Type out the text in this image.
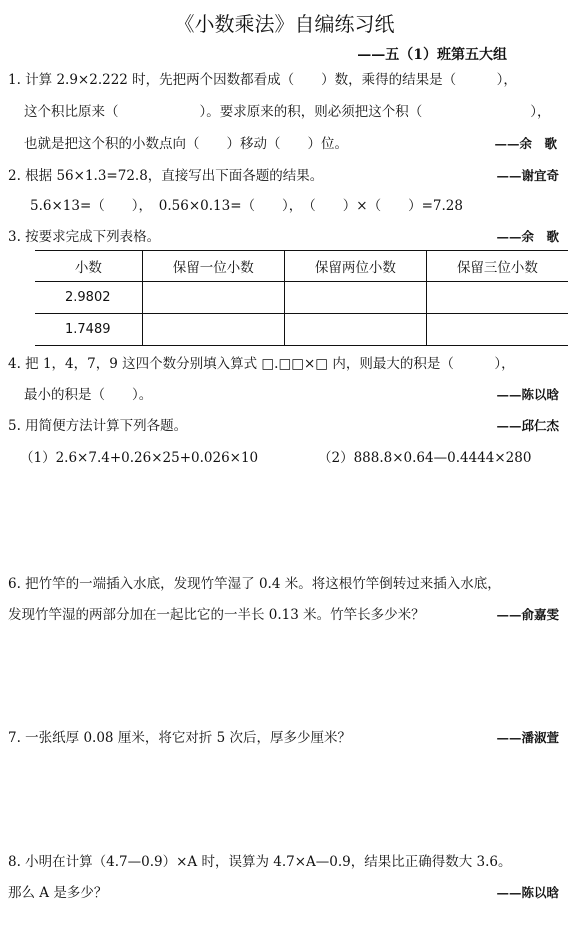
《小数乘法》自编练习纸
——五（1）班第五大组
1. 计算 2.9×2.222 时，先把两个因数都看成（　　）数，乘得的结果是（　　　），
这个积比原来（　　　　　　）。要求原来的积，则必须把这个积（　　　　　　　　），
也就是把这个积的小数点向（　　）移动（　　）位。	——余　歌
2. 根据 56×1.3=72.8，直接写出下面各题的结果。	——谢宜奇
5.6×13=（　　），　0.56×0.13=（　　），　（　　）×（　　）=7.28
3. 按要求完成下列表格。	——余　歌
小数	保留一位小数	保留两位小数	保留三位小数
2.9802			
1.7489			
4. 把 1，4，7，9 这四个数分别填入算式 □.□□×□ 内，则最大的积是（　　　），
最小的积是（　　）。	——陈以晗
5. 用简便方法计算下列各题。	——邱仁杰
（1）2.6×7.4+0.26×25+0.026×10	（2）888.8×0.64—0.4444×280
6. 把竹竿的一端插入水底，发现竹竿湿了 0.4 米。将这根竹竿倒转过来插入水底，
发现竹竿湿的两部分加在一起比它的一半长 0.13 米。竹竿长多少米？	——俞嘉雯
7. 一张纸厚 0.08 厘米，将它对折 5 次后，厚多少厘米？	——潘淑萱
8. 小明在计算（4.7—0.9）×A 时，误算为 4.7×A—0.9，结果比正确得数大 3.6。
那么 A 是多少？	——陈以晗
